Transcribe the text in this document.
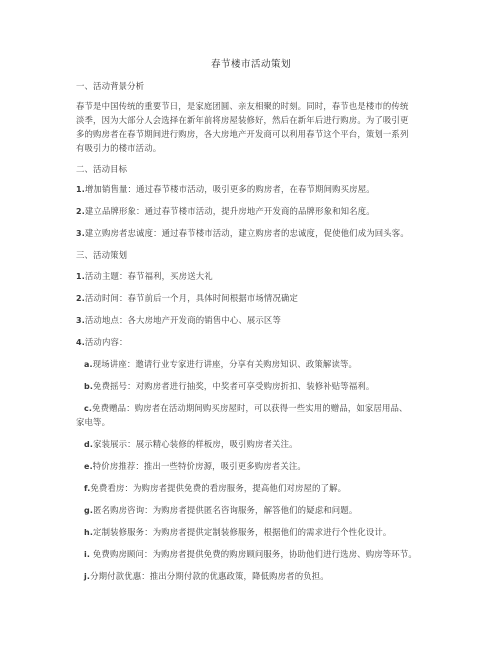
春节楼市活动策划
一、活动背景分析
春节是中国传统的重要节日，是家庭团圆、亲友相聚的时刻。同时，春节也是楼市的传统
淡季，因为大部分人会选择在新年前将房屋装修好，然后在新年后进行购房。为了吸引更
多的购房者在春节期间进行购房，各大房地产开发商可以利用春节这个平台，策划一系列
有吸引力的楼市活动。
二、活动目标
1.增加销售量：通过春节楼市活动，吸引更多的购房者，在春节期间购买房屋。
2.建立品牌形象：通过春节楼市活动，提升房地产开发商的品牌形象和知名度。
3.建立购房者忠诚度：通过春节楼市活动，建立购房者的忠诚度，促使他们成为回头客。
三、活动策划
1.活动主题：春节福利，买房送大礼
2.活动时间：春节前后一个月，具体时间根据市场情况确定
3.活动地点：各大房地产开发商的销售中心、展示区等
4.活动内容：
a.现场讲座：邀请行业专家进行讲座，分享有关购房知识、政策解读等。
b.免费摇号：对购房者进行抽奖，中奖者可享受购房折扣、装修补贴等福利。
c.免费赠品：购房者在活动期间购买房屋时，可以获得一些实用的赠品，如家居用品、
家电等。
d.家装展示：展示精心装修的样板房，吸引购房者关注。
e.特价房推荐：推出一些特价房源，吸引更多购房者关注。
f.免费看房：为购房者提供免费的看房服务，提高他们对房屋的了解。
g.匿名购房咨询：为购房者提供匿名咨询服务，解答他们的疑虑和问题。
h.定制装修服务：为购房者提供定制装修服务，根据他们的需求进行个性化设计。
i. 免费购房顾问：为购房者提供免费的购房顾问服务，协助他们进行选房、购房等环节。
j.分期付款优惠：推出分期付款的优惠政策，降低购房者的负担。
